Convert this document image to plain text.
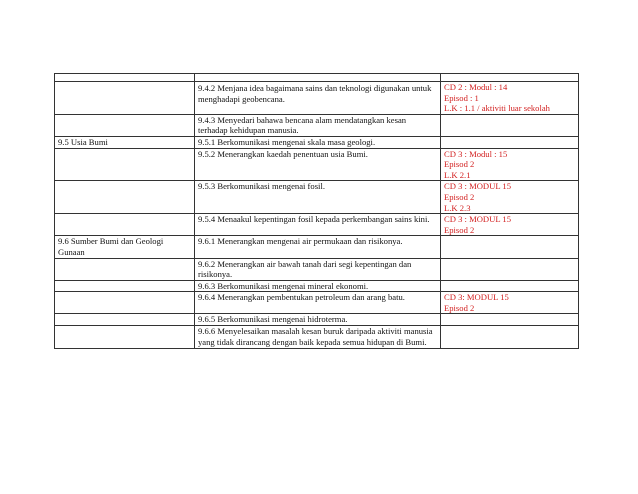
	9.4.2 Menjana idea bagaimana sains dan teknologi digunakan untuk menghadapi geobencana.	CD 2 : Modul : 14
Episod : 1
L.K : 1.1 / aktiviti luar sekolah

	9.4.3 Menyedari bahawa bencana alam mendatangkan kesan terhadap kehidupan manusia.	
9.5 Usia Bumi	9.5.1 Berkomunikasi mengenai skala masa geologi.	
	9.5.2 Menerangkan kaedah penentuan usia Bumi.	CD 3 : Modul : 15
Episod 2
L.K 2.1

	9.5.3 Berkomunikasi mengenai fosil.	CD 3 : MODUL 15
Episod 2
L.K 2.3

	9.5.4 Menaakul kepentingan fosil kepada perkembangan sains kini.	CD 3 : MODUL 15
Episod 2

9.6 Sumber Bumi dan Geologi Gunaan	9.6.1 Menerangkan mengenai air permukaan dan risikonya.	
	9.6.2 Menerangkan air bawah tanah dari segi kepentingan dan risikonya.	
	9.6.3 Berkomunikasi mengenai mineral ekonomi.	
	9.6.4 Menerangkan pembentukan petroleum dan arang batu.	CD 3: MODUL 15
Episod 2

	9.6.5 Berkomunikasi mengenai hidroterma.	
	9.6.6 Menyelesaikan masalah kesan buruk daripada aktiviti manusia yang tidak dirancang dengan baik kepada semua hidupan di Bumi.	
